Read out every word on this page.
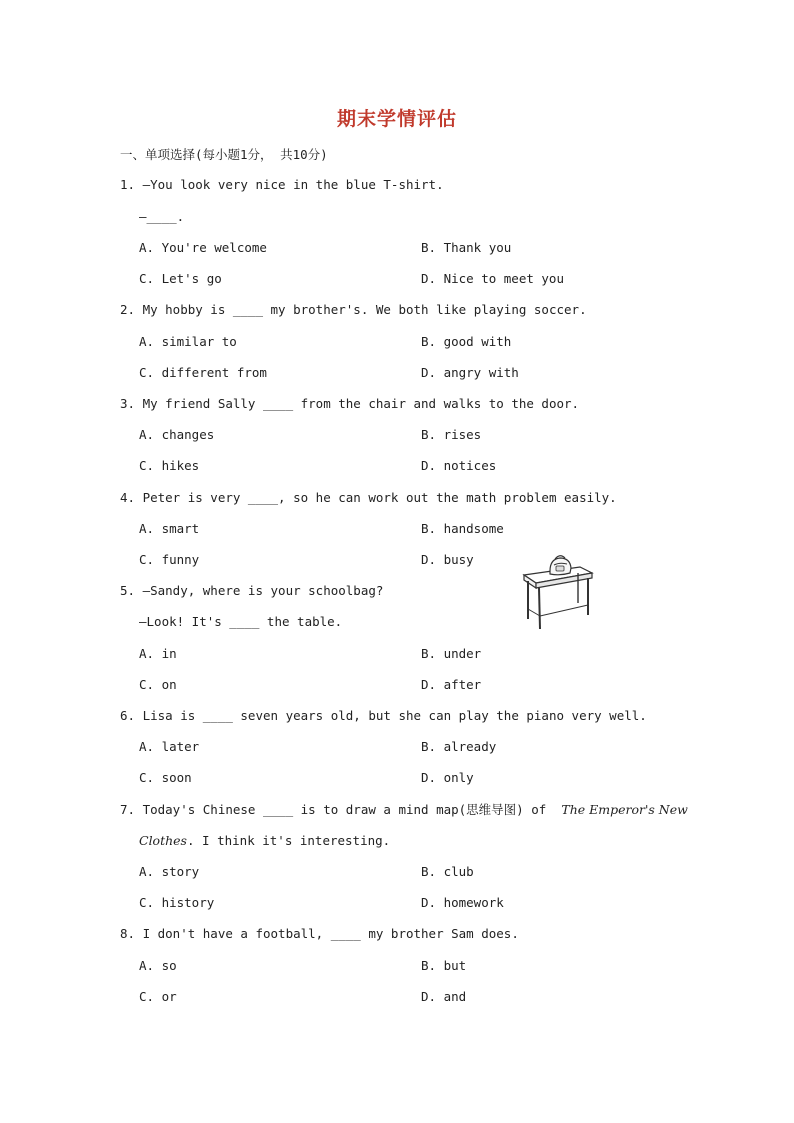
期末学情评估
一、单项选择(每小题1分， 共10分)
1. —You look very nice in the blue T-shirt.
—____.
A. You're welcome	B. Thank you
C. Let's go	D. Nice to meet you
2. My hobby is ____ my brother's. We both like playing soccer.
A. similar to	B. good with
C. different from	D. angry with
3. My friend Sally ____ from the chair and walks to the door.
A. changes	B. rises
C. hikes	D. notices
4. Peter is very ____, so he can work out the math problem easily.
A. smart	B. handsome
C. funny	D. busy
5. —Sandy, where is your schoolbag?
—Look! It's ____ the table.
A. in	B. under
C. on	D. after
6. Lisa is ____ seven years old, but she can play the piano very well.
A. later	B. already
C. soon	D. only
7. Today's Chinese ____ is to draw a mind map(思维导图) of The Emperor's New
Clothes. I think it's interesting.
A. story	B. club
C. history	D. homework
8. I don't have a football, ____ my brother Sam does.
A. so	B. but
C. or	D. and
